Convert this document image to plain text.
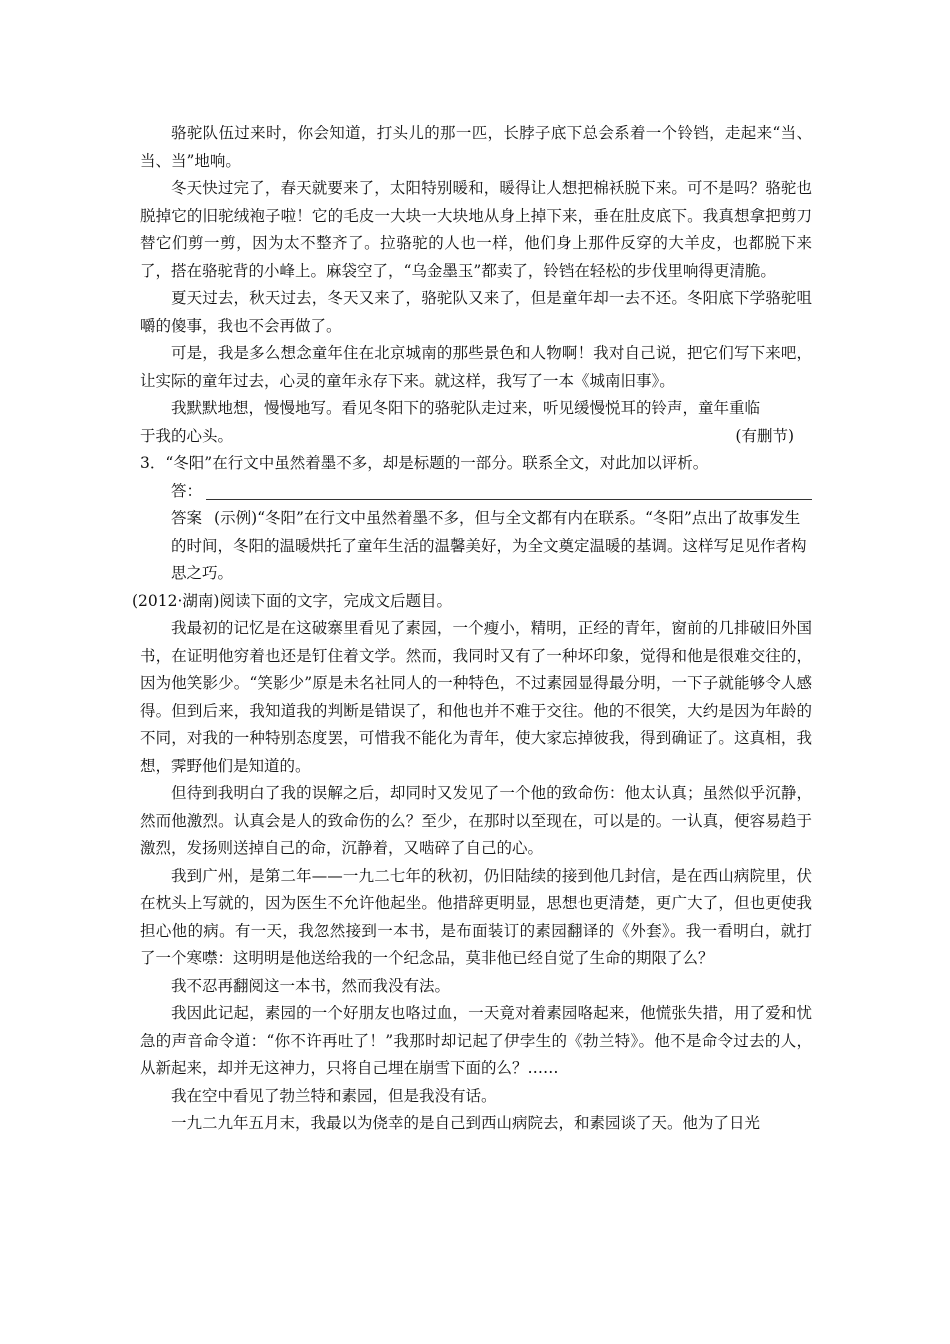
骆驼队伍过来时，你会知道，打头儿的那一匹，长脖子底下总会系着一个铃铛，走起来“当、当、当”地响。

冬天快过完了，春天就要来了，太阳特别暖和，暖得让人想把棉袄脱下来。可不是吗？骆驼也脱掉它的旧驼绒袍子啦！它的毛皮一大块一大块地从身上掉下来，垂在肚皮底下。我真想拿把剪刀替它们剪一剪，因为太不整齐了。拉骆驼的人也一样，他们身上那件反穿的大羊皮，也都脱下来了，搭在骆驼背的小峰上。麻袋空了，“乌金墨玉”都卖了，铃铛在轻松的步伐里响得更清脆。

夏天过去，秋天过去，冬天又来了，骆驼队又来了，但是童年却一去不还。冬阳底下学骆驼咀嚼的傻事，我也不会再做了。

可是，我是多么想念童年住在北京城南的那些景色和人物啊！我对自己说，把它们写下来吧，让实际的童年过去，心灵的童年永存下来。就这样，我写了一本《城南旧事》。

我默默地想，慢慢地写。看见冬阳下的骆驼队走过来，听见缓慢悦耳的铃声，童年重临

于我的心头。	(有删节)
3．“冬阳”在行文中虽然着墨不多，却是标题的一部分。联系全文，对此加以评析。
答：
答案 (示例)“冬阳”在行文中虽然着墨不多，但与全文都有内在联系。“冬阳”点出了故事发生的时间，冬阳的温暖烘托了童年生活的温馨美好，为全文奠定温暖的基调。这样写足见作者构思之巧。

(2012·湖南)阅读下面的文字，完成文后题目。

我最初的记忆是在这破寨里看见了素园，一个瘦小，精明，正经的青年，窗前的几排破旧外国书，在证明他穷着也还是钉住着文学。然而，我同时又有了一种坏印象，觉得和他是很难交往的，因为他笑影少。“笑影少”原是未名社同人的一种特色，不过素园显得最分明，一下子就能够令人感得。但到后来，我知道我的判断是错误了，和他也并不难于交往。他的不很笑，大约是因为年龄的不同，对我的一种特别态度罢，可惜我不能化为青年，使大家忘掉彼我，得到确证了。这真相，我想，霁野他们是知道的。

但待到我明白了我的误解之后，却同时又发见了一个他的致命伤：他太认真；虽然似乎沉静，然而他激烈。认真会是人的致命伤的么？至少，在那时以至现在，可以是的。一认真，便容易趋于激烈，发扬则送掉自己的命，沉静着，又啮碎了自己的心。

我到广州，是第二年——一九二七年的秋初，仍旧陆续的接到他几封信，是在西山病院里，伏在枕头上写就的，因为医生不允许他起坐。他措辞更明显，思想也更清楚，更广大了，但也更使我担心他的病。有一天，我忽然接到一本书，是布面装订的素园翻译的《外套》。我一看明白，就打了一个寒噤：这明明是他送给我的一个纪念品，莫非他已经自觉了生命的期限了么？

我不忍再翻阅这一本书，然而我没有法。

我因此记起，素园的一个好朋友也咯过血，一天竟对着素园咯起来，他慌张失措，用了爱和忧急的声音命令道：“你不许再吐了！”我那时却记起了伊孛生的《勃兰特》。他不是命令过去的人，从新起来，却并无这神力，只将自己埋在崩雪下面的么？……

我在空中看见了勃兰特和素园，但是我没有话。

一九二九年五月末，我最以为侥幸的是自己到西山病院去，和素园谈了天。他为了日光
